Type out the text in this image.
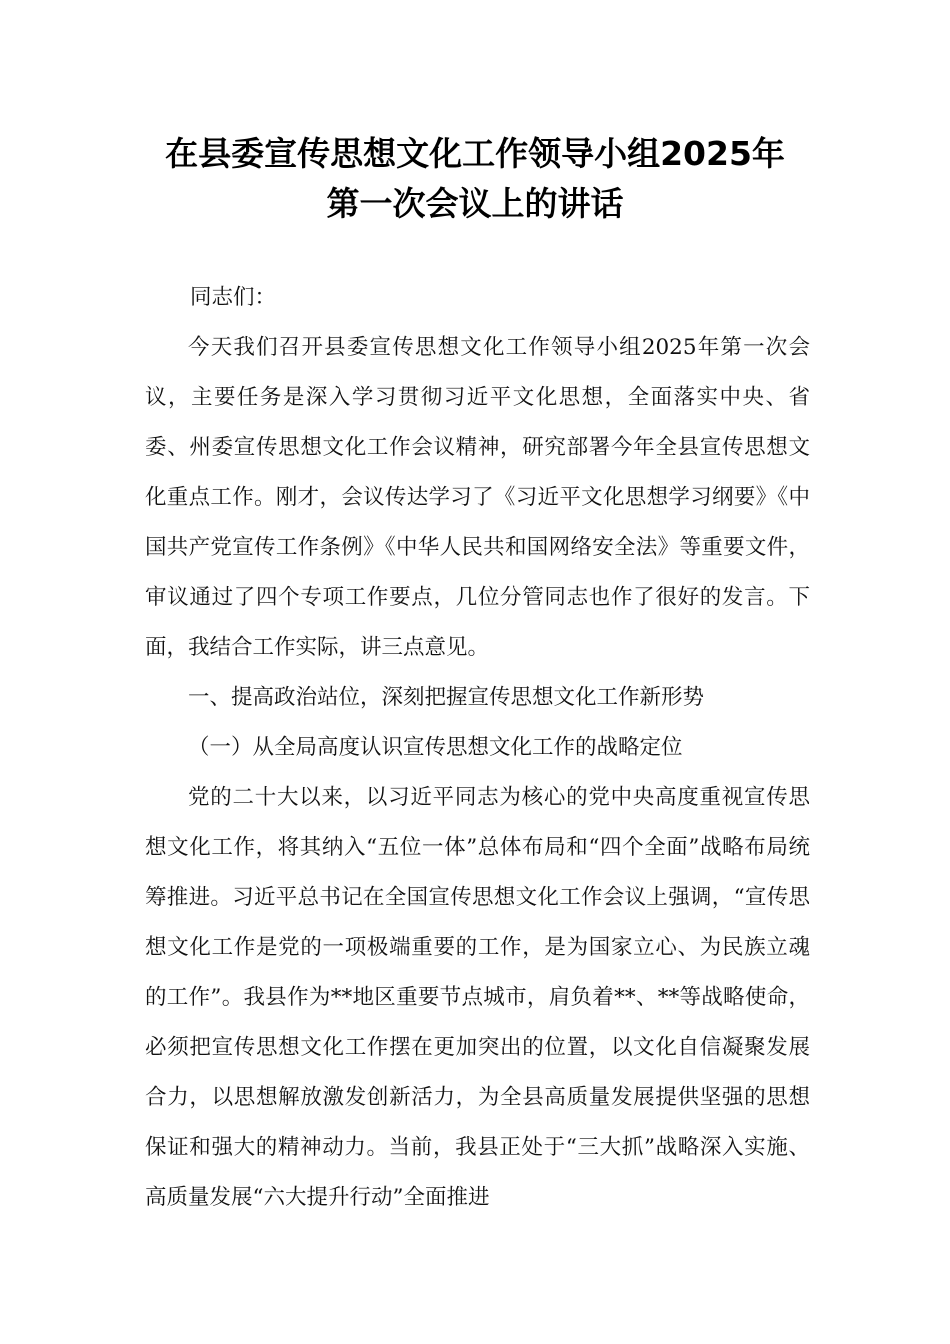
在县委宣传思想文化工作领导小组2025年
第一次会议上的讲话

同志们：

今天我们召开县委宣传思想文化工作领导小组2025年第一次会议，主要任务是深入学习贯彻习近平文化思想，全面落实中央、省委、州委宣传思想文化工作会议精神，研究部署今年全县宣传思想文化重点工作。刚才，会议传达学习了《习近平文化思想学习纲要》《中国共产党宣传工作条例》《中华人民共和国网络安全法》等重要文件，审议通过了四个专项工作要点，几位分管同志也作了很好的发言。下面，我结合工作实际，讲三点意见。

一、提高政治站位，深刻把握宣传思想文化工作新形势

（一）从全局高度认识宣传思想文化工作的战略定位

党的二十大以来，以习近平同志为核心的党中央高度重视宣传思想文化工作，将其纳入“五位一体”总体布局和“四个全面”战略布局统筹推进。习近平总书记在全国宣传思想文化工作会议上强调，“宣传思想文化工作是党的一项极端重要的工作，是为国家立心、为民族立魂的工作”。我县作为**地区重要节点城市，肩负着**、**等战略使命，必须把宣传思想文化工作摆在更加突出的位置，以文化自信凝聚发展合力，以思想解放激发创新活力，为全县高质量发展提供坚强的思想保证和强大的精神动力。当前，我县正处于“三大抓”战略深入实施、高质量发展“六大提升行动”全面推进
